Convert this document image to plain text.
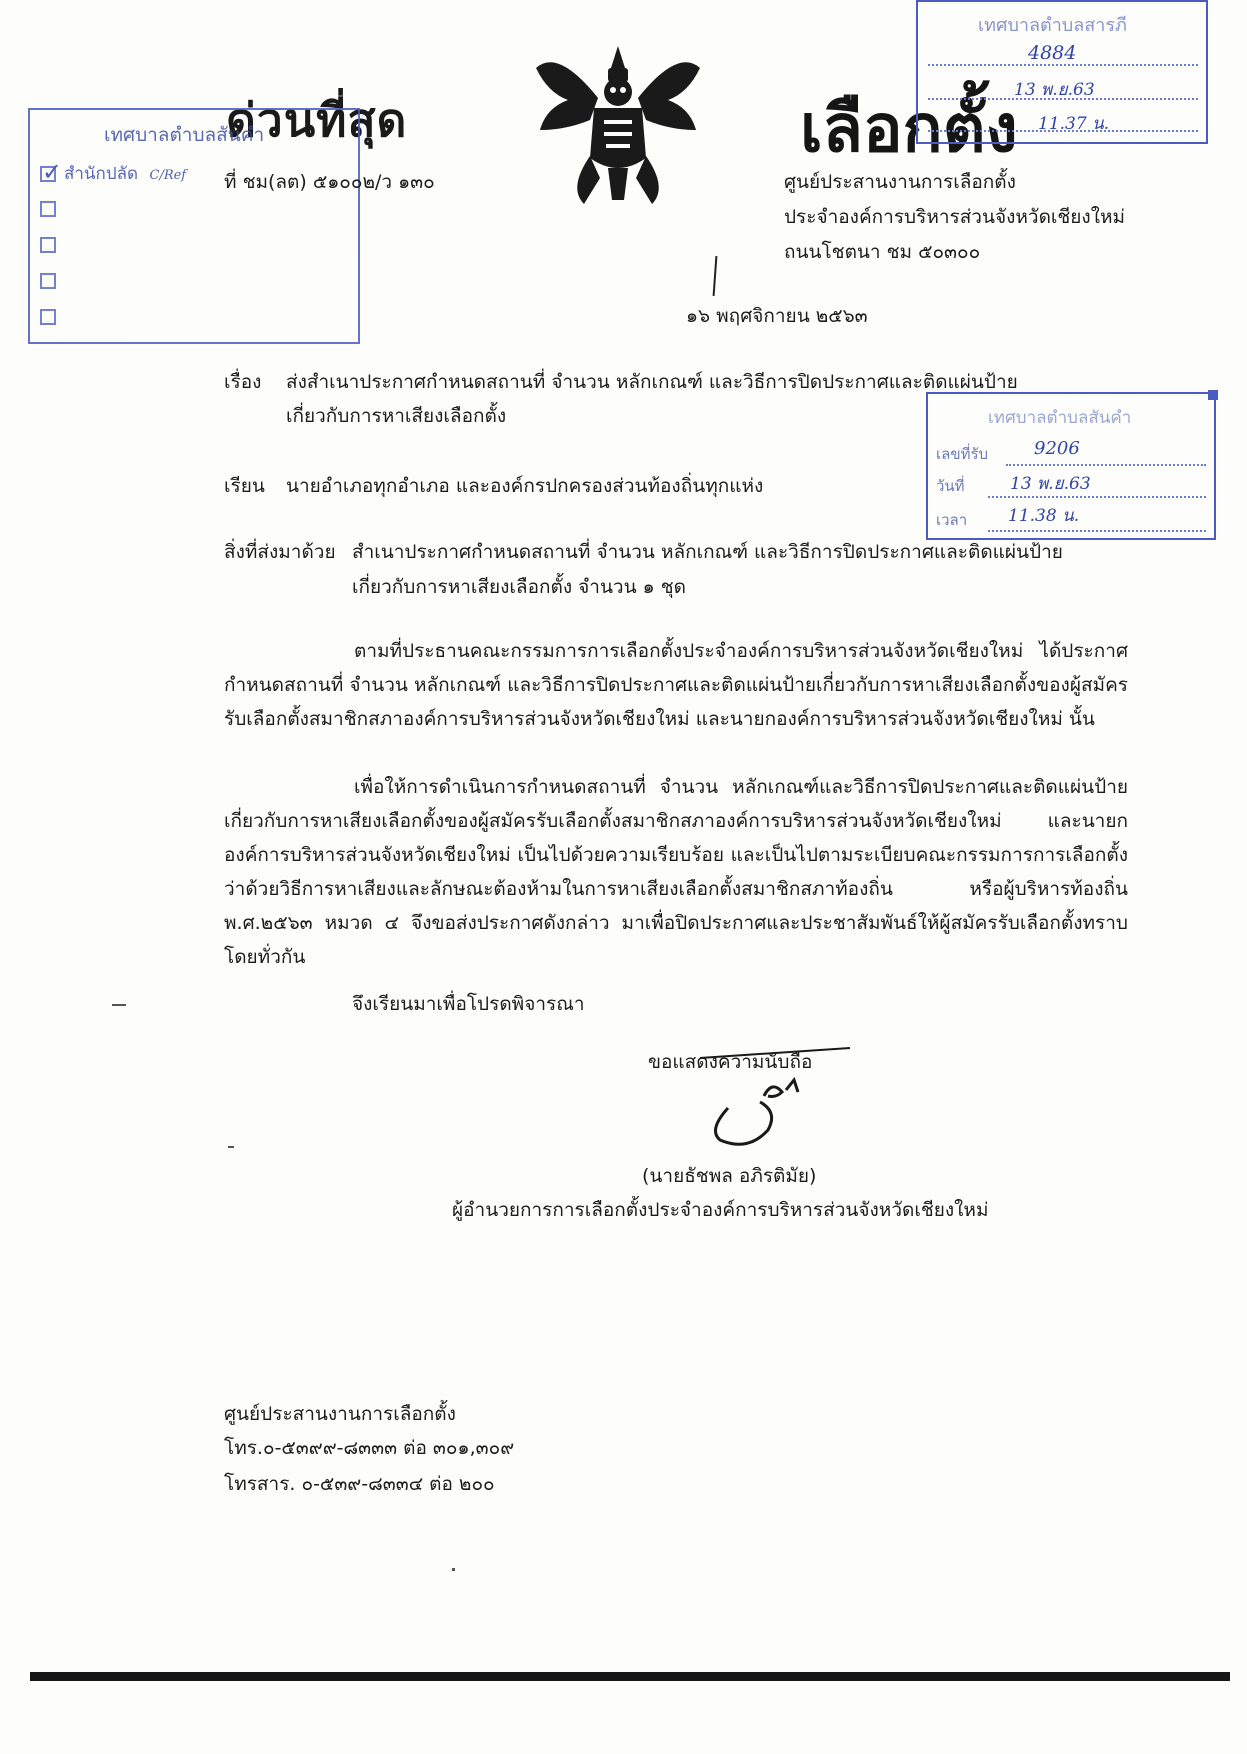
ด่วนที่สุด	เลือกตั้ง
เทศบาลตำบลสันคำ
✓ สำนักปลัด C/Ref
เทศบาลตำบลสารภี
4884
13 พ.ย.63
11.37 น.
ที่ ชม(ลต) ๕๑๐๐๒/ว ๑๓๐	ศูนย์ประสานงานการเลือกตั้ง
ประจำองค์การบริหารส่วนจังหวัดเชียงใหม่
ถนนโชตนา ชม ๕๐๓๐๐
๑๖ พฤศจิกายน ๒๕๖๓
เรื่อง ส่งสำเนาประกาศกำหนดสถานที่ จำนวน หลักเกณฑ์ และวิธีการปิดประกาศและติดแผ่นป้าย
เกี่ยวกับการหาเสียงเลือกตั้ง	เทศบาลตำบลสันคำ
เลขที่รับ	9206
วันที่	13 พ.ย.63
เวลา 11.38 น.
เรียน นายอำเภอทุกอำเภอ และองค์กรปกครองส่วนท้องถิ่นทุกแห่ง
สิ่งที่ส่งมาด้วย สำเนาประกาศกำหนดสถานที่ จำนวน หลักเกณฑ์ และวิธีการปิดประกาศและติดแผ่นป้าย
เกี่ยวกับการหาเสียงเลือกตั้ง จำนวน ๑ ชุด
ตามที่ประธานคณะกรรมการการเลือกตั้งประจำองค์การบริหารส่วนจังหวัดเชียงใหม่ ได้ประกาศกำหนดสถานที่ จำนวน หลักเกณฑ์ และวิธีการปิดประกาศและติดแผ่นป้ายเกี่ยวกับการหาเสียงเลือกตั้งของผู้สมัครรับเลือกตั้งสมาชิกสภาองค์การบริหารส่วนจังหวัดเชียงใหม่ และนายกองค์การบริหารส่วนจังหวัดเชียงใหม่ นั้น
เพื่อให้การดำเนินการกำหนดสถานที่ จำนวน หลักเกณฑ์และวิธีการปิดประกาศและติดแผ่นป้ายเกี่ยวกับการหาเสียงเลือกตั้งของผู้สมัครรับเลือกตั้งสมาชิกสภาองค์การบริหารส่วนจังหวัดเชียงใหม่ และนายกองค์การบริหารส่วนจังหวัดเชียงใหม่ เป็นไปด้วยความเรียบร้อย และเป็นไปตามระเบียบคณะกรรมการการเลือกตั้ง ว่าด้วยวิธีการหาเสียงและลักษณะต้องห้ามในการหาเสียงเลือกตั้งสมาชิกสภาท้องถิ่น หรือผู้บริหารท้องถิ่น พ.ศ.๒๕๖๓ หมวด ๔ จึงขอส่งประกาศดังกล่าว มาเพื่อปิดประกาศและประชาสัมพันธ์ให้ผู้สมัครรับเลือกตั้งทราบโดยทั่วกัน
จึงเรียนมาเพื่อโปรดพิจารณา
ขอแสดงความนับถือ
(นายธัชพล อภิรติมัย)
ผู้อำนวยการการเลือกตั้งประจำองค์การบริหารส่วนจังหวัดเชียงใหม่
ศูนย์ประสานงานการเลือกตั้ง
โทร.๐-๕๓๙๙-๘๓๓๓ ต่อ ๓๐๑,๓๐๙
โทรสาร. ๐-๕๓๙-๘๓๓๔ ต่อ ๒๐๐
